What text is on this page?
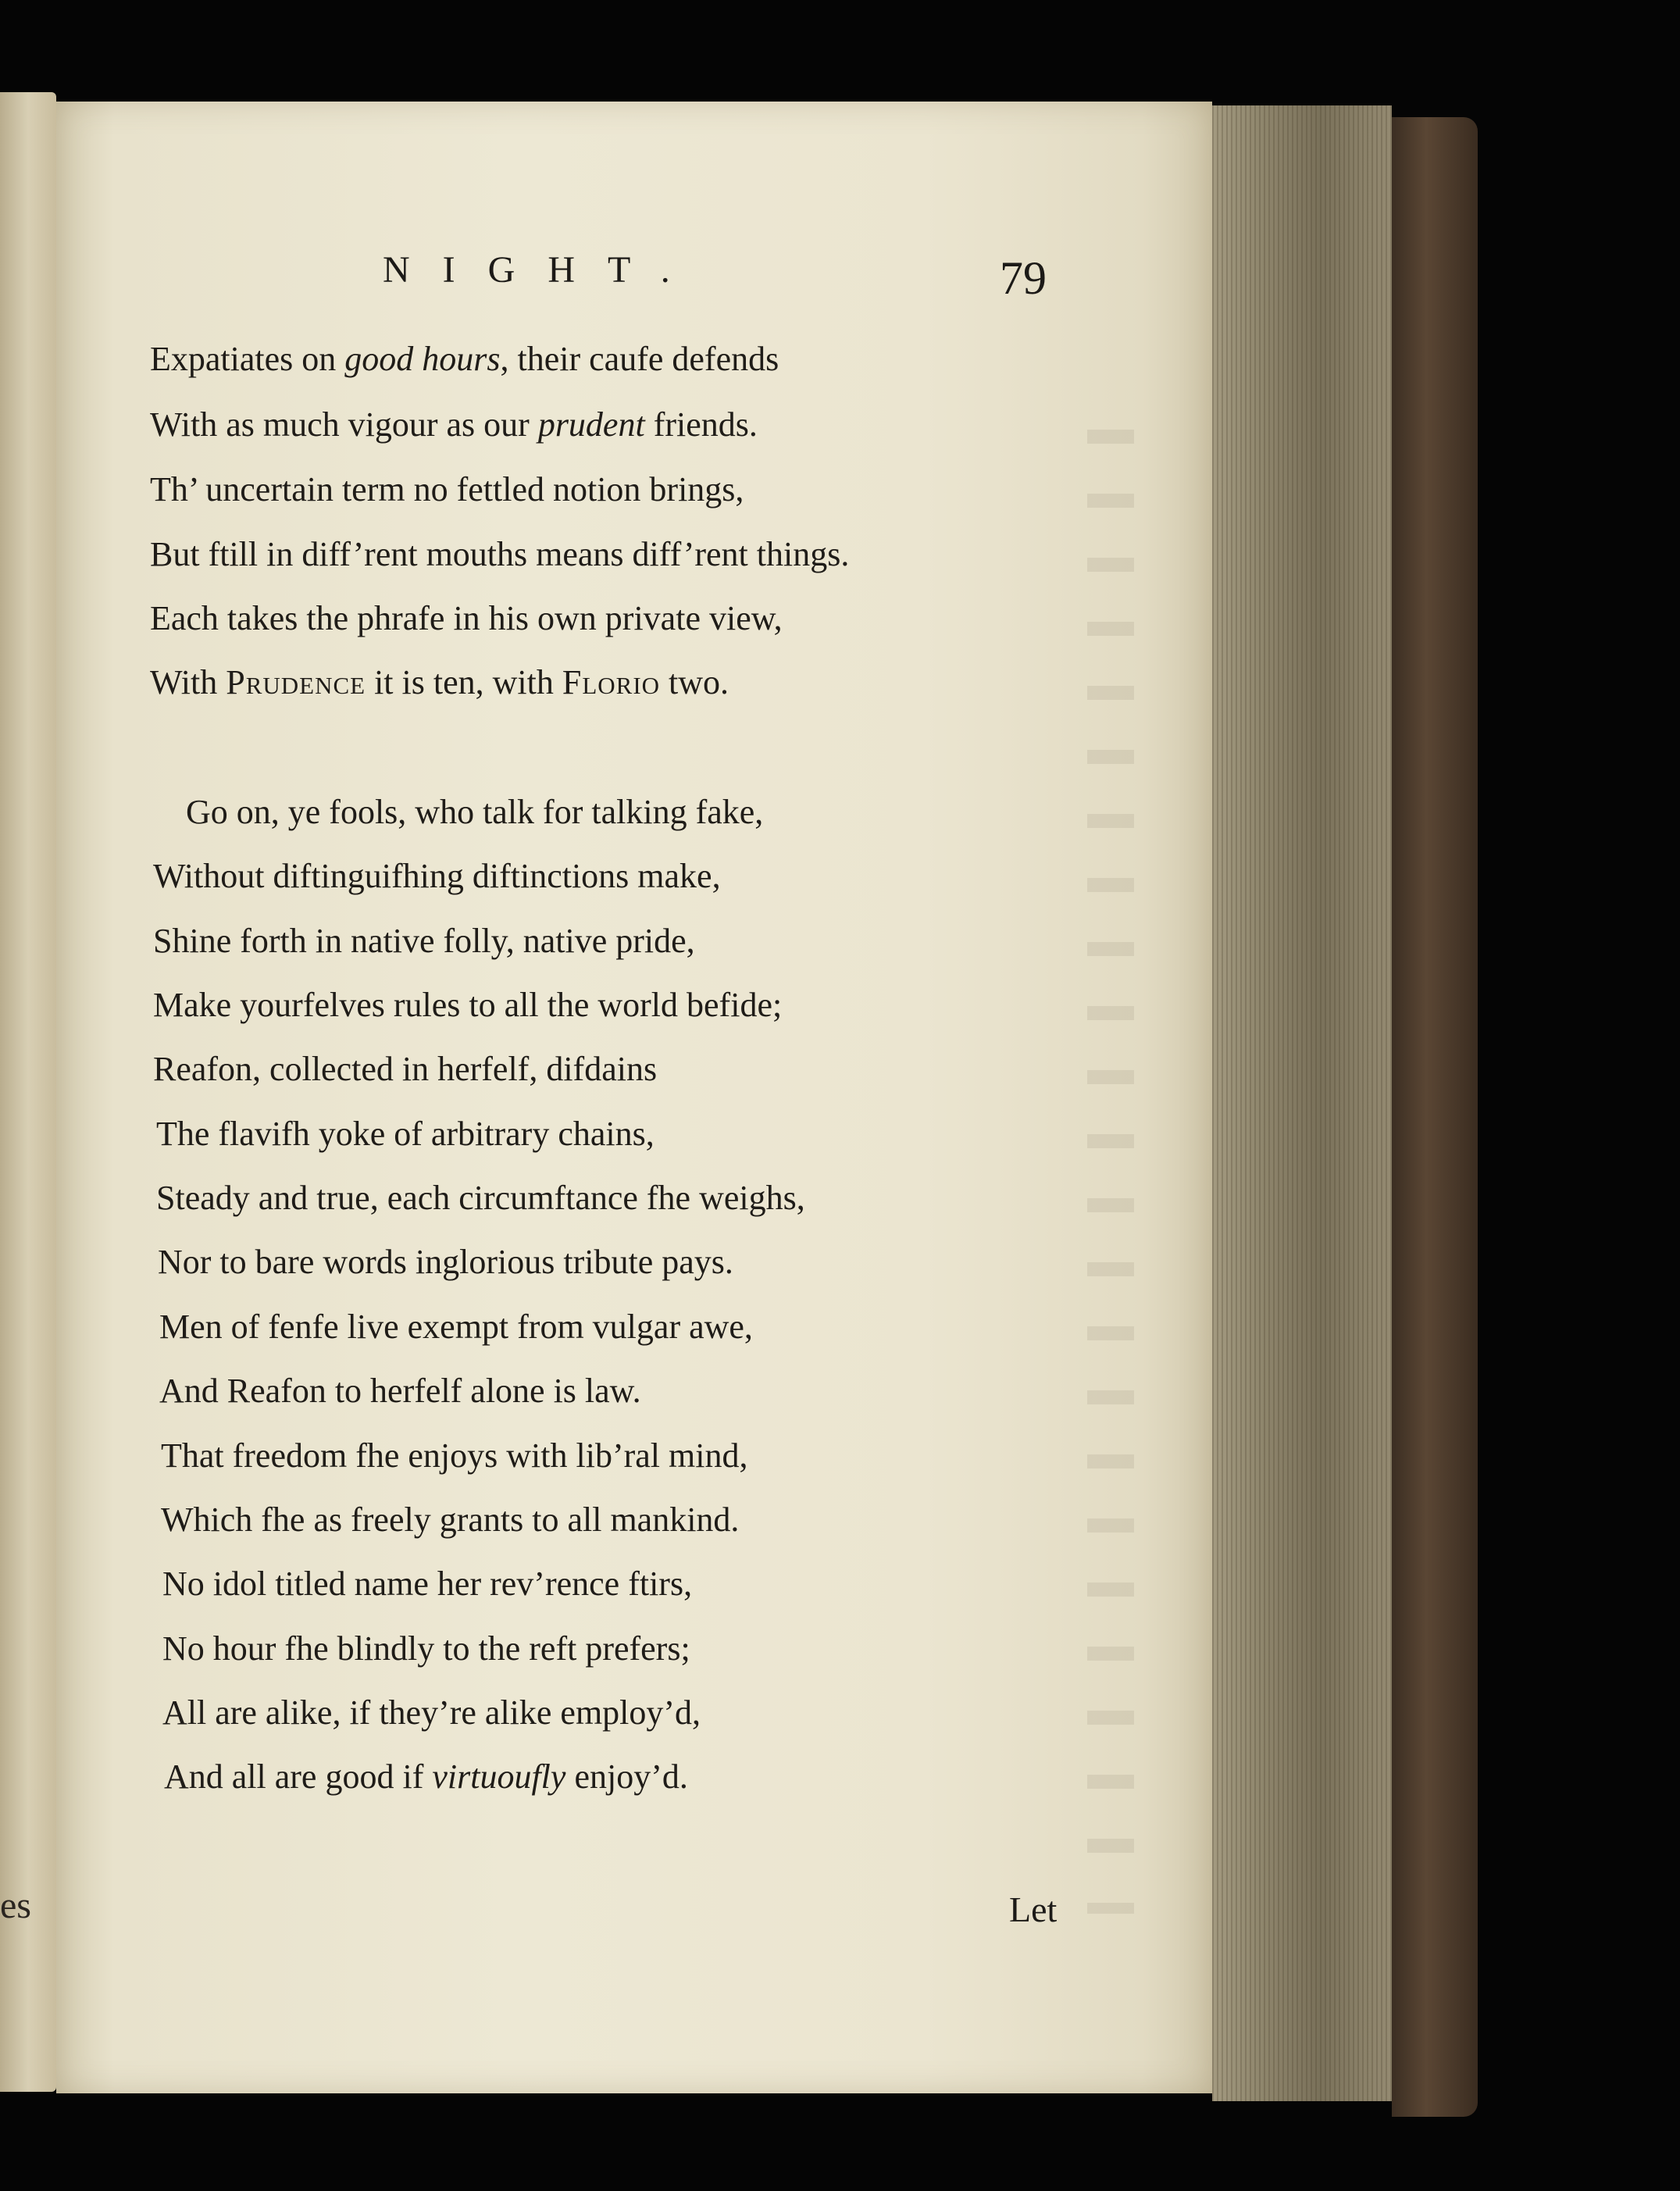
es
NIGHT.	79
Expatiates on good hours, their caufe defends
With as much vigour as our prudent friends.
Th’ uncertain term no fettled notion brings,
But ftill in diff’rent mouths means diff’rent things.
Each takes the phrafe in his own private view,
With Prudence it is ten, with Florio two.
Go on, ye fools, who talk for talking fake,
Without diftinguifhing diftinctions make,
Shine forth in native folly, native pride,
Make yourfelves rules to all the world befide;
Reafon, collected in herfelf, difdains
The flavifh yoke of arbitrary chains,
Steady and true, each circumftance fhe weighs,
Nor to bare words inglorious tribute pays.
Men of fenfe live exempt from vulgar awe,
And Reafon to herfelf alone is law.
That freedom fhe enjoys with lib’ral mind,
Which fhe as freely grants to all mankind.
No idol titled name her rev’rence ftirs,
No hour fhe blindly to the reft prefers;
All are alike, if they’re alike employ’d,
And all are good if virtuoufly enjoy’d.
Let
